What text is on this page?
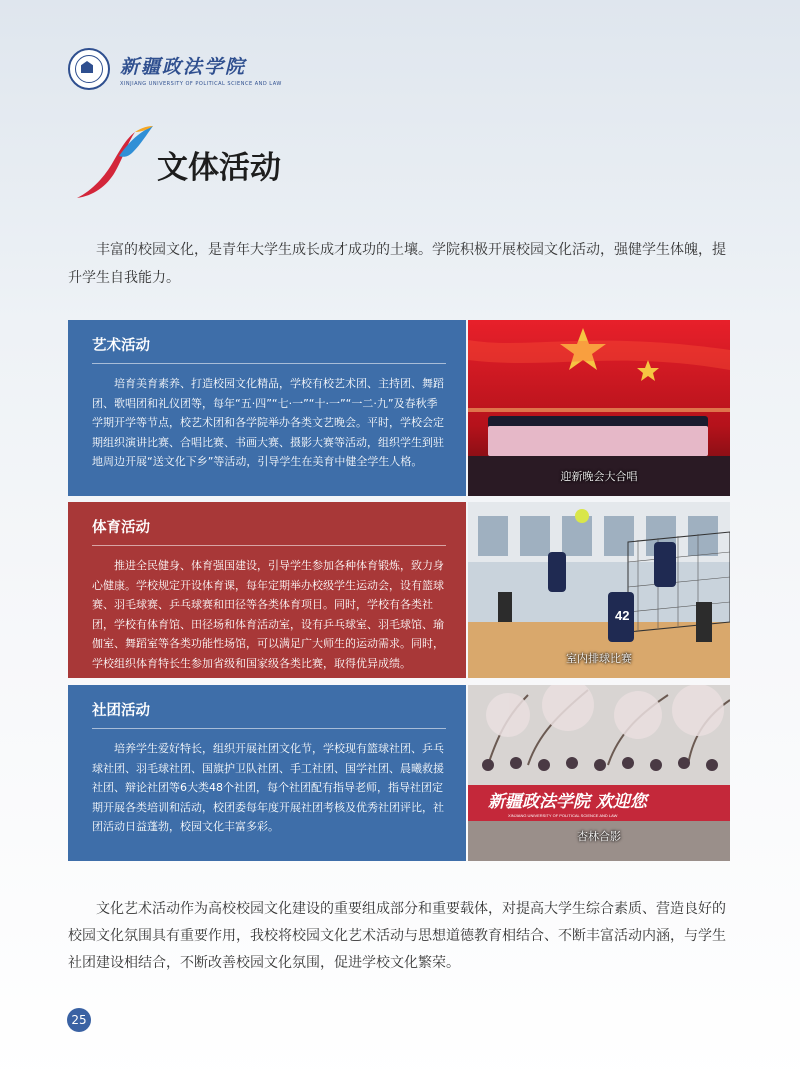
新疆政法学院
XINJIANG UNIVERSITY OF POLITICAL SCIENCE AND LAW
文体活动
丰富的校园文化，是青年大学生成长成才成功的土壤。学院积极开展校园文化活动，强健学生体魄，提升学生自我能力。
艺术活动

培育美育素养、打造校园文化精品，学校有校艺术团、主持团、舞蹈团、歌唱团和礼仪团等，每年“五·四”“七·一”“十·一”“一二·九”及春秋季学期开学等节点，校艺术团和各学院举办各类文艺晚会。平时，学校会定期组织演讲比赛、合唱比赛、书画大赛、摄影大赛等活动，组织学生到驻地周边开展“送文化下乡”等活动，引导学生在美育中健全学生人格。

迎新晚会大合唱
体育活动

推进全民健身、体育强国建设，引导学生参加各种体育锻炼，致力身心健康。学校规定开设体育课，每年定期举办校级学生运动会，设有篮球赛、羽毛球赛、乒乓球赛和田径等各类体育项目。同时，学校有各类社团，学校有体育馆、田径场和体育活动室，设有乒乓球室、羽毛球馆、瑜伽室、舞蹈室等各类功能性场馆，可以满足广大师生的运动需求。同时，学校组织体育特长生参加省级和国家级各类比赛，取得优异成绩。

42
室内排球比赛
社团活动

培养学生爱好特长，组织开展社团文化节，学校现有篮球社团、乒乓球社团、羽毛球社团、国旗护卫队社团、手工社团、国学社团、晨曦救援社团、辩论社团等6大类48个社团，每个社团配有指导老师，指导社团定期开展各类培训和活动，校团委每年度开展社团考核及优秀社团评比，社团活动日益蓬勃，校园文化丰富多彩。

新疆政法学院 欢迎您
XINJIANG UNIVERSITY OF POLITICAL SCIENCE AND LAW
杏林合影
文化艺术活动作为高校校园文化建设的重要组成部分和重要载体，对提高大学生综合素质、营造良好的校园文化氛围具有重要作用，我校将校园文化艺术活动与思想道德教育相结合、不断丰富活动内涵，与学生社团建设相结合，不断改善校园文化氛围，促进学校文化繁荣。
25
